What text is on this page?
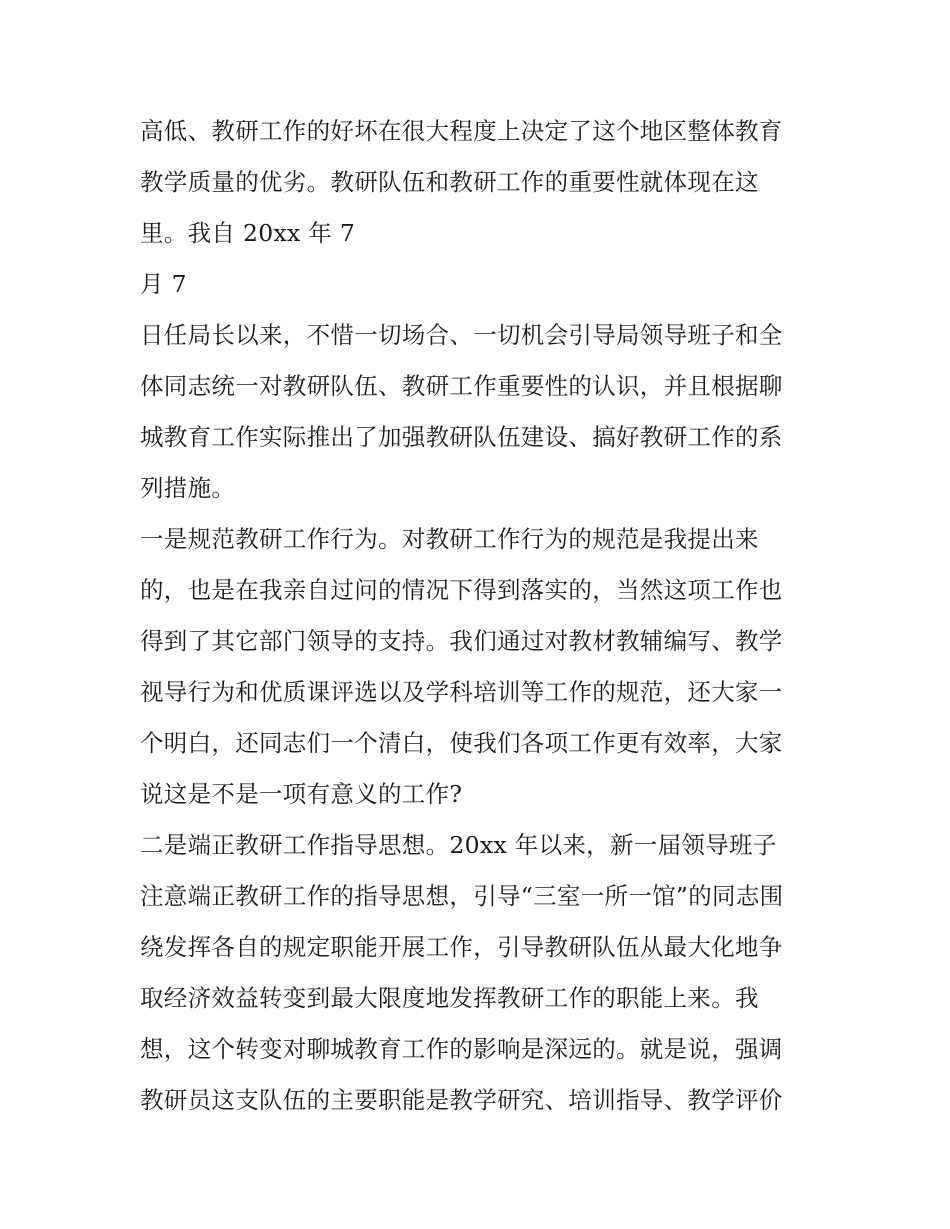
高低、教研工作的好坏在很大程度上决定了这个地区整体教育
教学质量的优劣。教研队伍和教研工作的重要性就体现在这
里。我自 20xx 年 7
月 7
日任局长以来，不惜一切场合、一切机会引导局领导班子和全
体同志统一对教研队伍、教研工作重要性的认识，并且根据聊
城教育工作实际推出了加强教研队伍建设、搞好教研工作的系
列措施。
一是规范教研工作行为。对教研工作行为的规范是我提出来
的，也是在我亲自过问的情况下得到落实的，当然这项工作也
得到了其它部门领导的支持。我们通过对教材教辅编写、教学
视导行为和优质课评选以及学科培训等工作的规范，还大家一
个明白，还同志们一个清白，使我们各项工作更有效率，大家
说这是不是一项有意义的工作?
二是端正教研工作指导思想。20xx 年以来，新一届领导班子
注意端正教研工作的指导思想，引导“三室一所一馆”的同志围
绕发挥各自的规定职能开展工作，引导教研队伍从最大化地争
取经济效益转变到最大限度地发挥教研工作的职能上来。我
想，这个转变对聊城教育工作的影响是深远的。就是说，强调
教研员这支队伍的主要职能是教学研究、培训指导、教学评价
